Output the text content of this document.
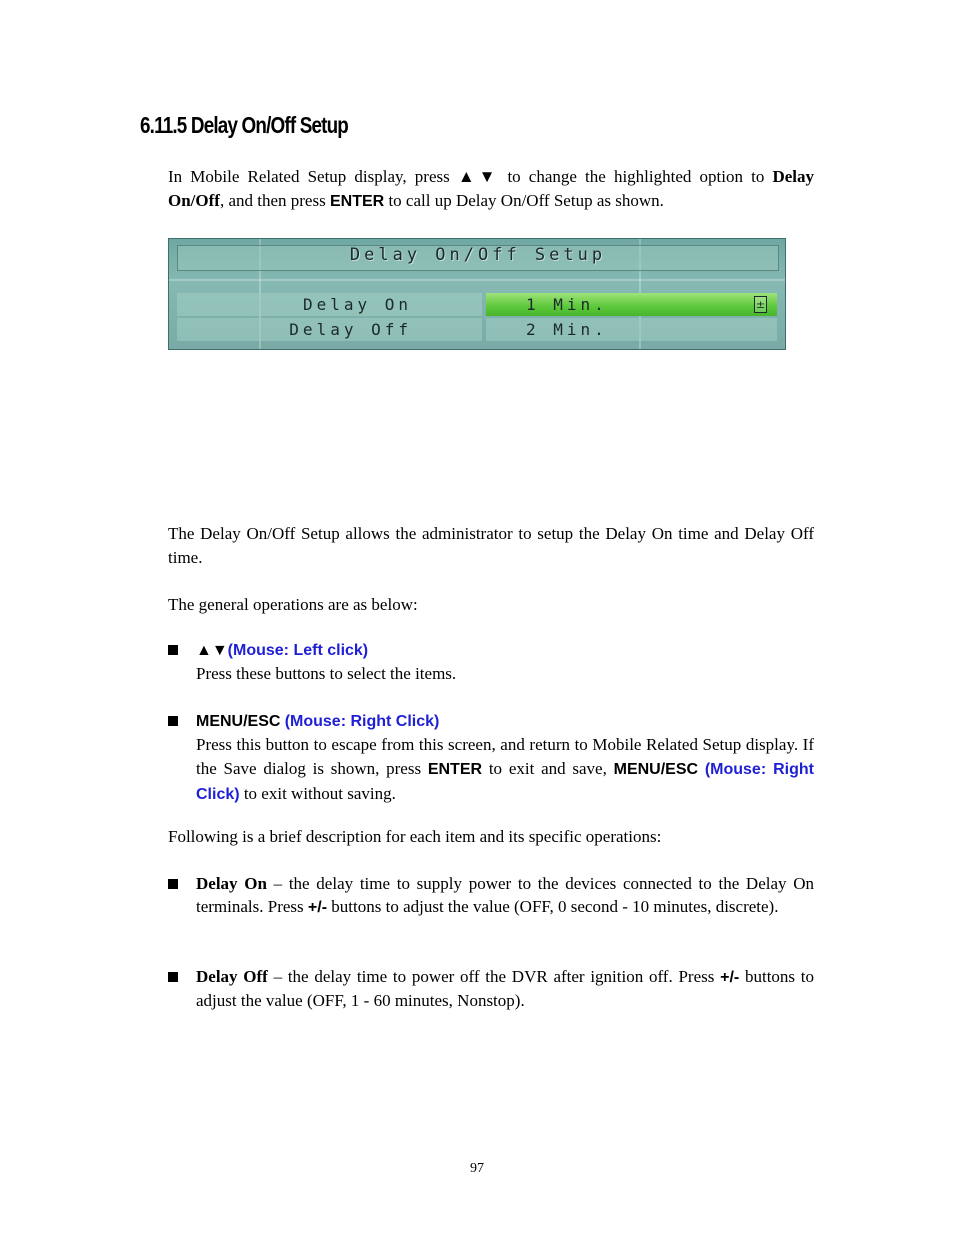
6.11.5 Delay On/Off Setup

In Mobile Related Setup display, press ▲▼ to change the highlighted option to Delay On/Off, and then press ENTER to call up Delay On/Off Setup as shown.

Delay On/Off Setup
Delay On	1 Min.	±
Delay Off	2 Min.

The Delay On/Off Setup allows the administrator to setup the Delay On time and Delay Off time.

The general operations are as below:

▲▼(Mouse: Left click)
Press these buttons to select the items.
MENU/ESC (Mouse: Right Click)
Press this button to escape from this screen, and return to Mobile Related Setup display. If the Save dialog is shown, press ENTER to exit and save, MENU/ESC (Mouse: Right Click) to exit without saving.

Following is a brief description for each item and its specific operations:

Delay On – the delay time to supply power to the devices connected to the Delay On terminals. Press +/- buttons to adjust the value (OFF, 0 second - 10 minutes, discrete).
Delay Off – the delay time to power off the DVR after ignition off. Press +/- buttons to adjust the value (OFF, 1 - 60 minutes, Nonstop).
97
